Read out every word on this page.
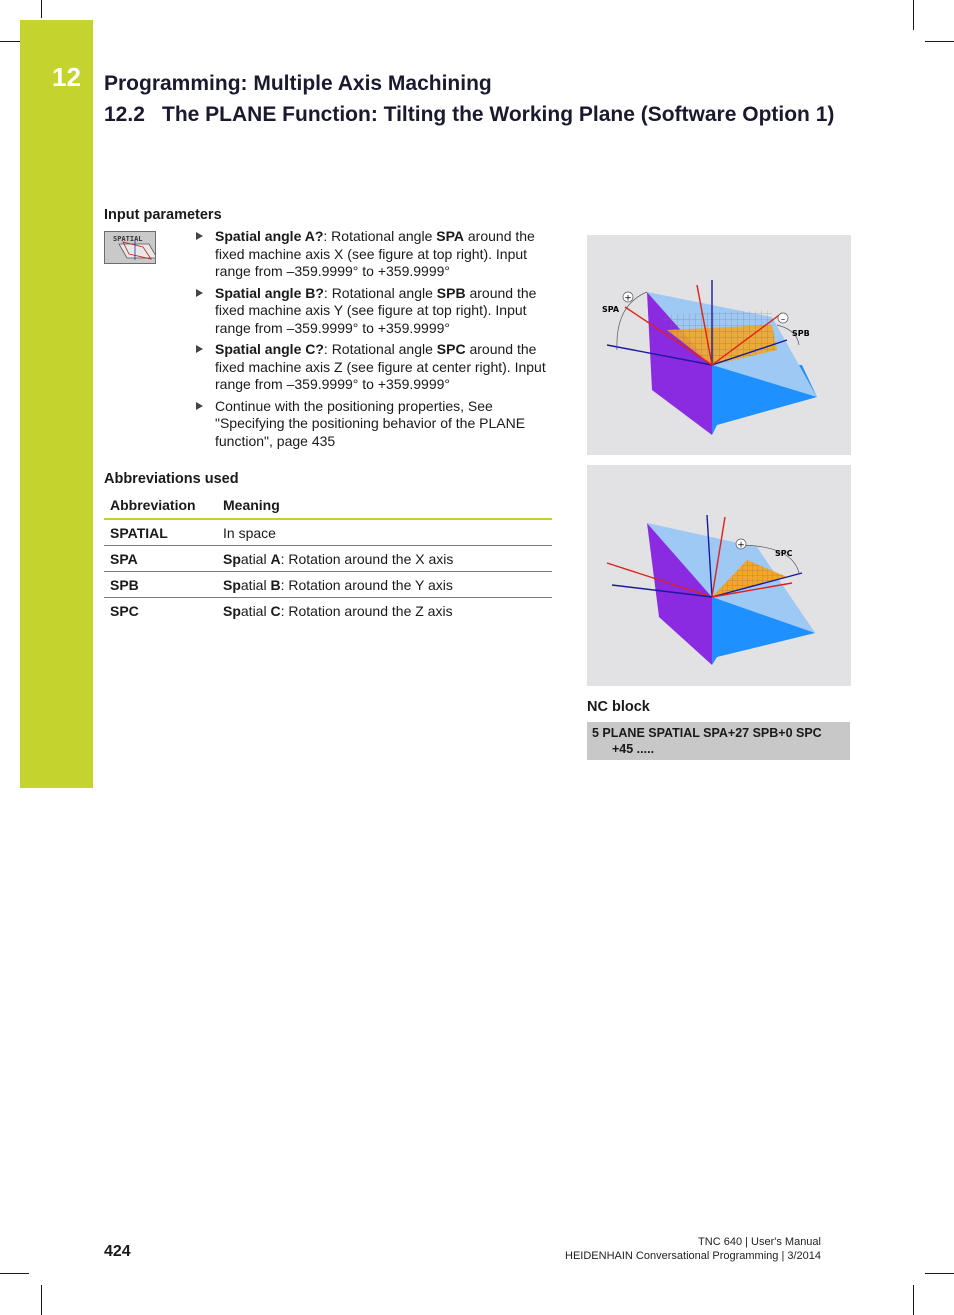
12 Programming: Multiple Axis Machining
12.2 The PLANE Function: Tilting the Working Plane (Software Option 1)
Input parameters
SPATIAL	Spatial angle A?: Rotational angle SPA around the fixed machine axis X (see figure at top right). Input range from –359.9999° to +359.9999°
Spatial angle B?: Rotational angle SPB around the fixed machine axis Y (see figure at top right). Input range from –359.9999° to +359.9999°
Spatial angle C?: Rotational angle SPC around the fixed machine axis Z (see figure at center right). Input range from –359.9999° to +359.9999°
Continue with the positioning properties, See "Specifying the positioning behavior of the PLANE function", page 435
Abbreviations used
Abbreviation	Meaning
SPATIAL	In space
SPA	Spatial A: Rotation around the X axis
SPB	Spatial B: Rotation around the Y axis
SPC	Spatial C: Rotation around the Z axis
+
–
SPA
SPB
+
SPC
NC block
5 PLANE SPATIAL SPA+27 SPB+0 SPC
+45 .....
424
TNC 640 | User's Manual
HEIDENHAIN Conversational Programming | 3/2014
